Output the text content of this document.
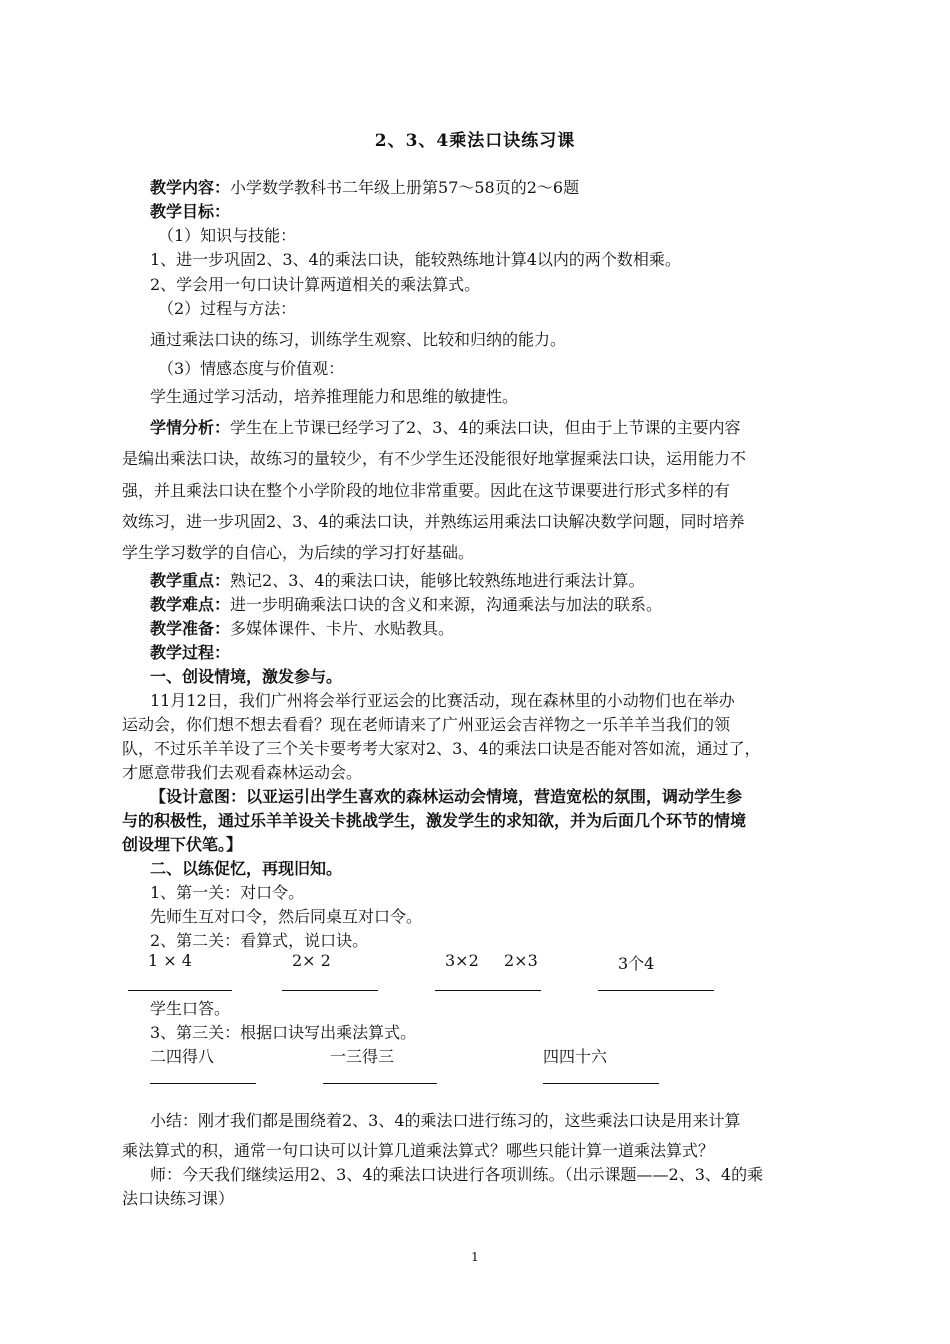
2、3、4乘法口诀练习课
教学内容：小学数学教科书二年级上册第57～58页的2～6题
教学目标：
（1）知识与技能：
1、进一步巩固2、3、4的乘法口诀，能较熟练地计算4以内的两个数相乘。
2、学会用一句口诀计算两道相关的乘法算式。
（2）过程与方法：
通过乘法口诀的练习，训练学生观察、比较和归纳的能力。
（3）情感态度与价值观：
学生通过学习活动，培养推理能力和思维的敏捷性。
学情分析：学生在上节课已经学习了2、3、4的乘法口诀，但由于上节课的主要内容
是编出乘法口诀，故练习的量较少，有不少学生还没能很好地掌握乘法口诀，运用能力不
强，并且乘法口诀在整个小学阶段的地位非常重要。因此在这节课要进行形式多样的有
效练习，进一步巩固2、3、4的乘法口诀，并熟练运用乘法口诀解决数学问题，同时培养
学生学习数学的自信心，为后续的学习打好基础。
教学重点：熟记2、3、4的乘法口诀，能够比较熟练地进行乘法计算。
教学难点：进一步明确乘法口诀的含义和来源，沟通乘法与加法的联系。
教学准备：多媒体课件、卡片、水贴教具。
教学过程：
一、创设情境，激发参与。
11月12日，我们广州将会举行亚运会的比赛活动，现在森林里的小动物们也在举办
运动会，你们想不想去看看？现在老师请来了广州亚运会吉祥物之一乐羊羊当我们的领
队，不过乐羊羊设了三个关卡要考考大家对2、3、4的乘法口诀是否能对答如流，通过了，
才愿意带我们去观看森林运动会。
【设计意图：以亚运引出学生喜欢的森林运动会情境，营造宽松的氛围，调动学生参
与的积极性，通过乐羊羊设关卡挑战学生，激发学生的求知欲，并为后面几个环节的情境
创设埋下伏笔。】
二、以练促忆，再现旧知。
1、第一关：对口令。
先师生互对口令，然后同桌互对口令。
2、第二关：看算式，说口诀。
1 × 4	2× 2	3×2 2×3	3个4
学生口答。
3、第三关：根据口诀写出乘法算式。
二四得八	一三得三	四四十六
小结：刚才我们都是围绕着2、3、4的乘法口进行练习的，这些乘法口诀是用来计算
乘法算式的积，通常一句口诀可以计算几道乘法算式？哪些只能计算一道乘法算式？
师：今天我们继续运用2、3、4的乘法口诀进行各项训练。（出示课题——2、3、4的乘
法口诀练习课）
1
